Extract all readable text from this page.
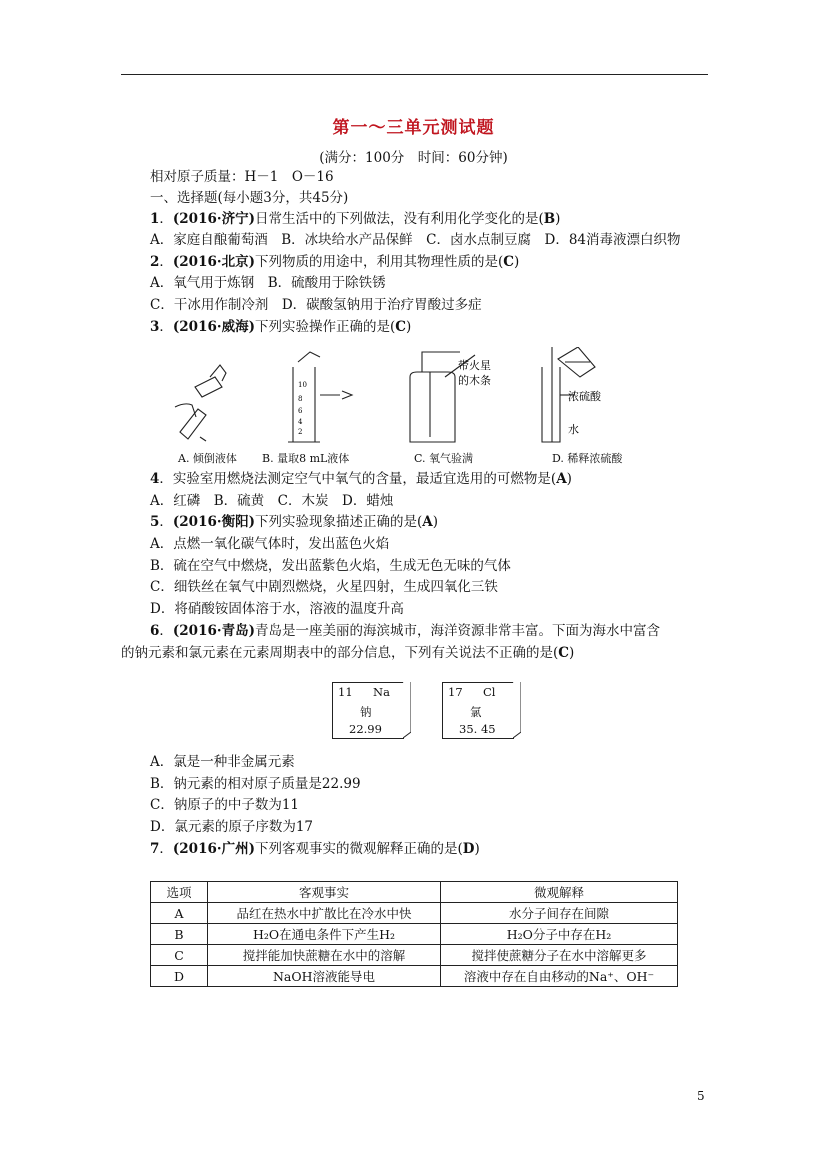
第一～三单元测试题
(满分：100分　时间：60分钟)
相对原子质量：H－1　O－16
一、选择题(每小题3分，共45分)
1．(2016·济宁)日常生活中的下列做法，没有利用化学变化的是(B)
A．家庭自酿葡萄酒　B．冰块给水产品保鲜　C．卤水点制豆腐　D．84消毒液漂白织物
2．(2016·北京)下列物质的用途中，利用其物理性质的是(C)
A．氧气用于炼钢　B．硫酸用于除铁锈
C．干冰用作制冷剂　D．碳酸氢钠用于治疗胃酸过多症
3．(2016·威海)下列实验操作正确的是(C)
10
8
6
4
2
带火星
的木条
浓硫酸
水
A. 倾倒液体 B. 量取8 mL液体	C. 氧气验满	D. 稀释浓硫酸
4．实验室用燃烧法测定空气中氧气的含量，最适宜选用的可燃物是(A)
A．红磷　B．硫黄　C．木炭　D．蜡烛
5．(2016·衡阳)下列实验现象描述正确的是(A)
A．点燃一氧化碳气体时，发出蓝色火焰
B．硫在空气中燃烧，发出蓝紫色火焰，生成无色无味的气体
C．细铁丝在氧气中剧烈燃烧，火星四射，生成四氧化三铁
D．将硝酸铵固体溶于水，溶液的温度升高
6．(2016·青岛)青岛是一座美丽的海滨城市，海洋资源非常丰富。下面为海水中富含
的钠元素和氯元素在元素周期表中的部分信息，下列有关说法不正确的是(C)
11 Na
钠
22.99
17 Cl
氯
35. 45
A．氯是一种非金属元素
B．钠元素的相对原子质量是22.99
C．钠原子的中子数为11
D．氯元素的原子序数为17
7．(2016·广州)下列客观事实的微观解释正确的是(D)
选项	客观事实	微观解释
A	品红在热水中扩散比在冷水中快	水分子间存在间隙
B	H₂O在通电条件下产生H₂	H₂O分子中存在H₂
C	搅拌能加快蔗糖在水中的溶解	搅拌使蔗糖分子在水中溶解更多
D	NaOH溶液能导电	溶液中存在自由移动的Na⁺、OH⁻
5
